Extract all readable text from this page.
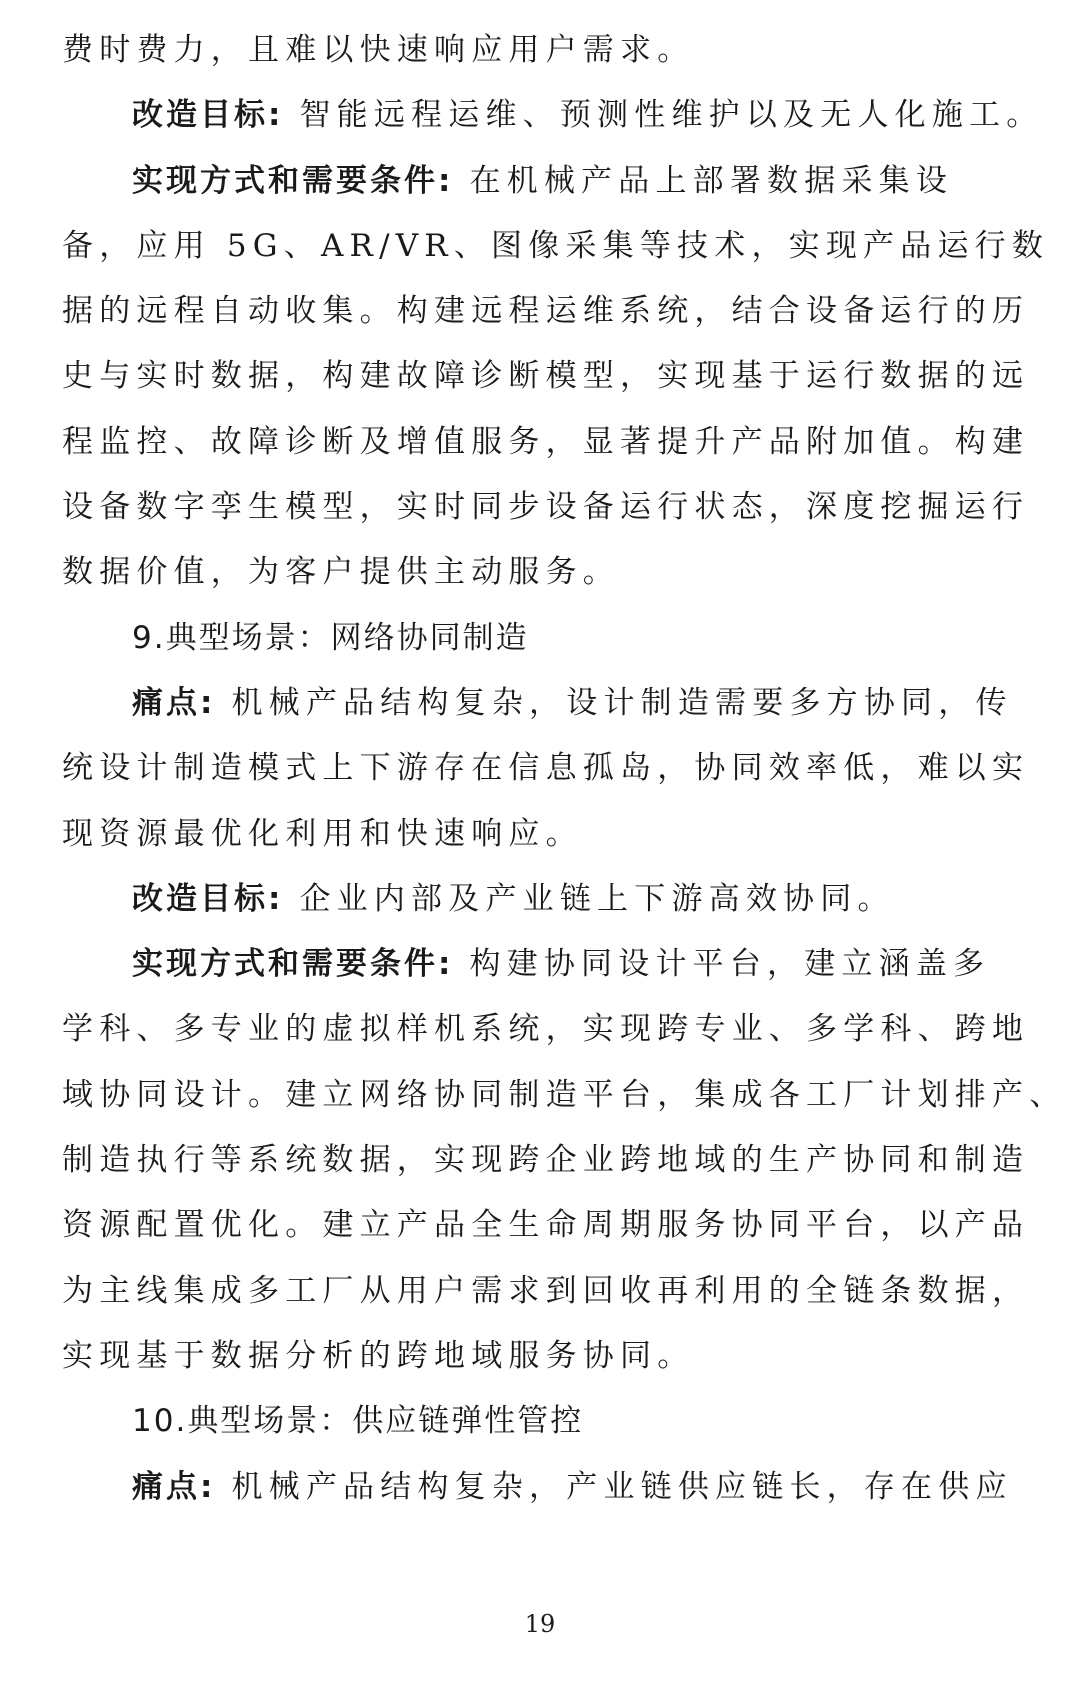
费时费力，且难以快速响应用户需求。
改造目标: 智能远程运维、预测性维护以及无人化施工。
实现方式和需要条件: 在机械产品上部署数据采集设
备，应用 5G、AR/VR、图像采集等技术，实现产品运行数
据的远程自动收集。构建远程运维系统，结合设备运行的历
史与实时数据，构建故障诊断模型，实现基于运行数据的远
程监控、故障诊断及增值服务，显著提升产品附加值。构建
设备数字孪生模型，实时同步设备运行状态，深度挖掘运行
数据价值，为客户提供主动服务。
9.典型场景：网络协同制造
痛点: 机械产品结构复杂，设计制造需要多方协同，传
统设计制造模式上下游存在信息孤岛，协同效率低，难以实
现资源最优化利用和快速响应。
改造目标: 企业内部及产业链上下游高效协同。
实现方式和需要条件: 构建协同设计平台，建立涵盖多
学科、多专业的虚拟样机系统，实现跨专业、多学科、跨地
域协同设计。建立网络协同制造平台，集成各工厂计划排产、
制造执行等系统数据，实现跨企业跨地域的生产协同和制造
资源配置优化。建立产品全生命周期服务协同平台，以产品
为主线集成多工厂从用户需求到回收再利用的全链条数据，
实现基于数据分析的跨地域服务协同。
10.典型场景：供应链弹性管控
痛点: 机械产品结构复杂，产业链供应链长，存在供应
19
